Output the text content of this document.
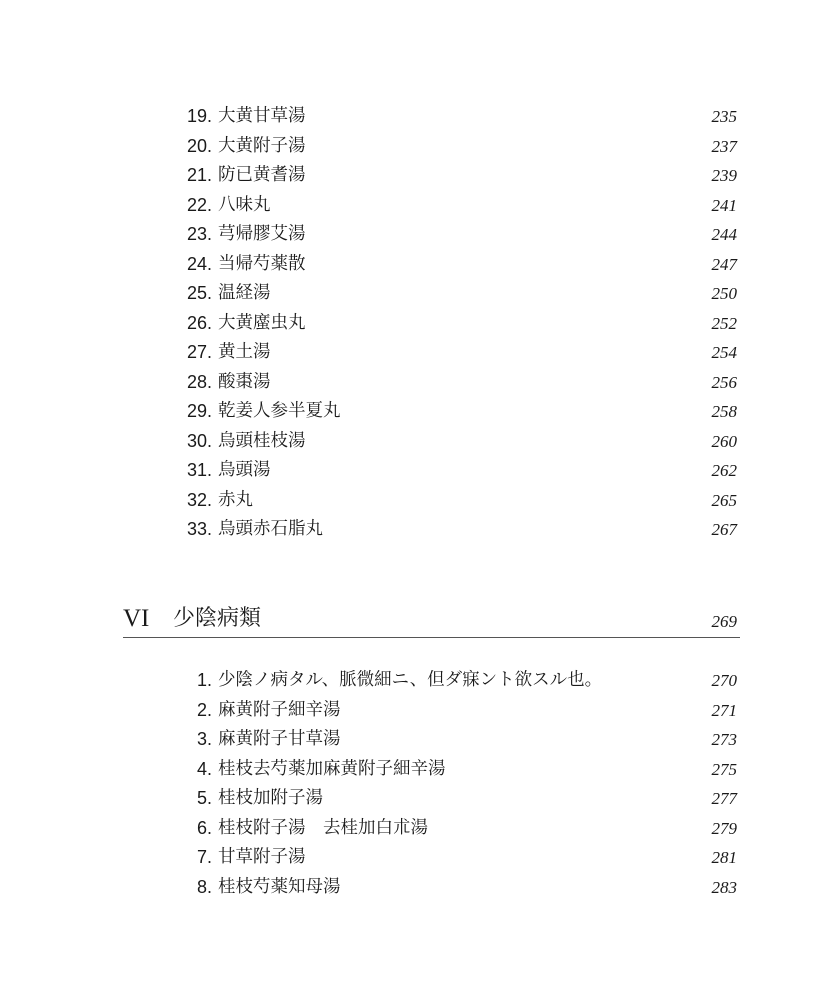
19. 大黄甘草湯	235
20. 大黄附子湯	237
21. 防已黄耆湯	239
22. 八味丸	241
23. 芎帰膠艾湯	244
24. 当帰芍薬散	247
25. 温経湯	250
26. 大黄䗪虫丸	252
27. 黄土湯	254
28. 酸棗湯	256
29. 乾姜人参半夏丸	258
30. 烏頭桂枝湯	260
31. 烏頭湯	262
32. 赤丸	265
33. 烏頭赤石脂丸	267
VI 少陰病類	269
1. 少陰ノ病タル、脈微細ニ、但ダ寐ント欲スル也。	270
2. 麻黄附子細辛湯	271
3. 麻黄附子甘草湯	273
4. 桂枝去芍薬加麻黄附子細辛湯	275
5. 桂枝加附子湯	277
6. 桂枝附子湯　去桂加白朮湯	279
7. 甘草附子湯	281
8. 桂枝芍薬知母湯	283
